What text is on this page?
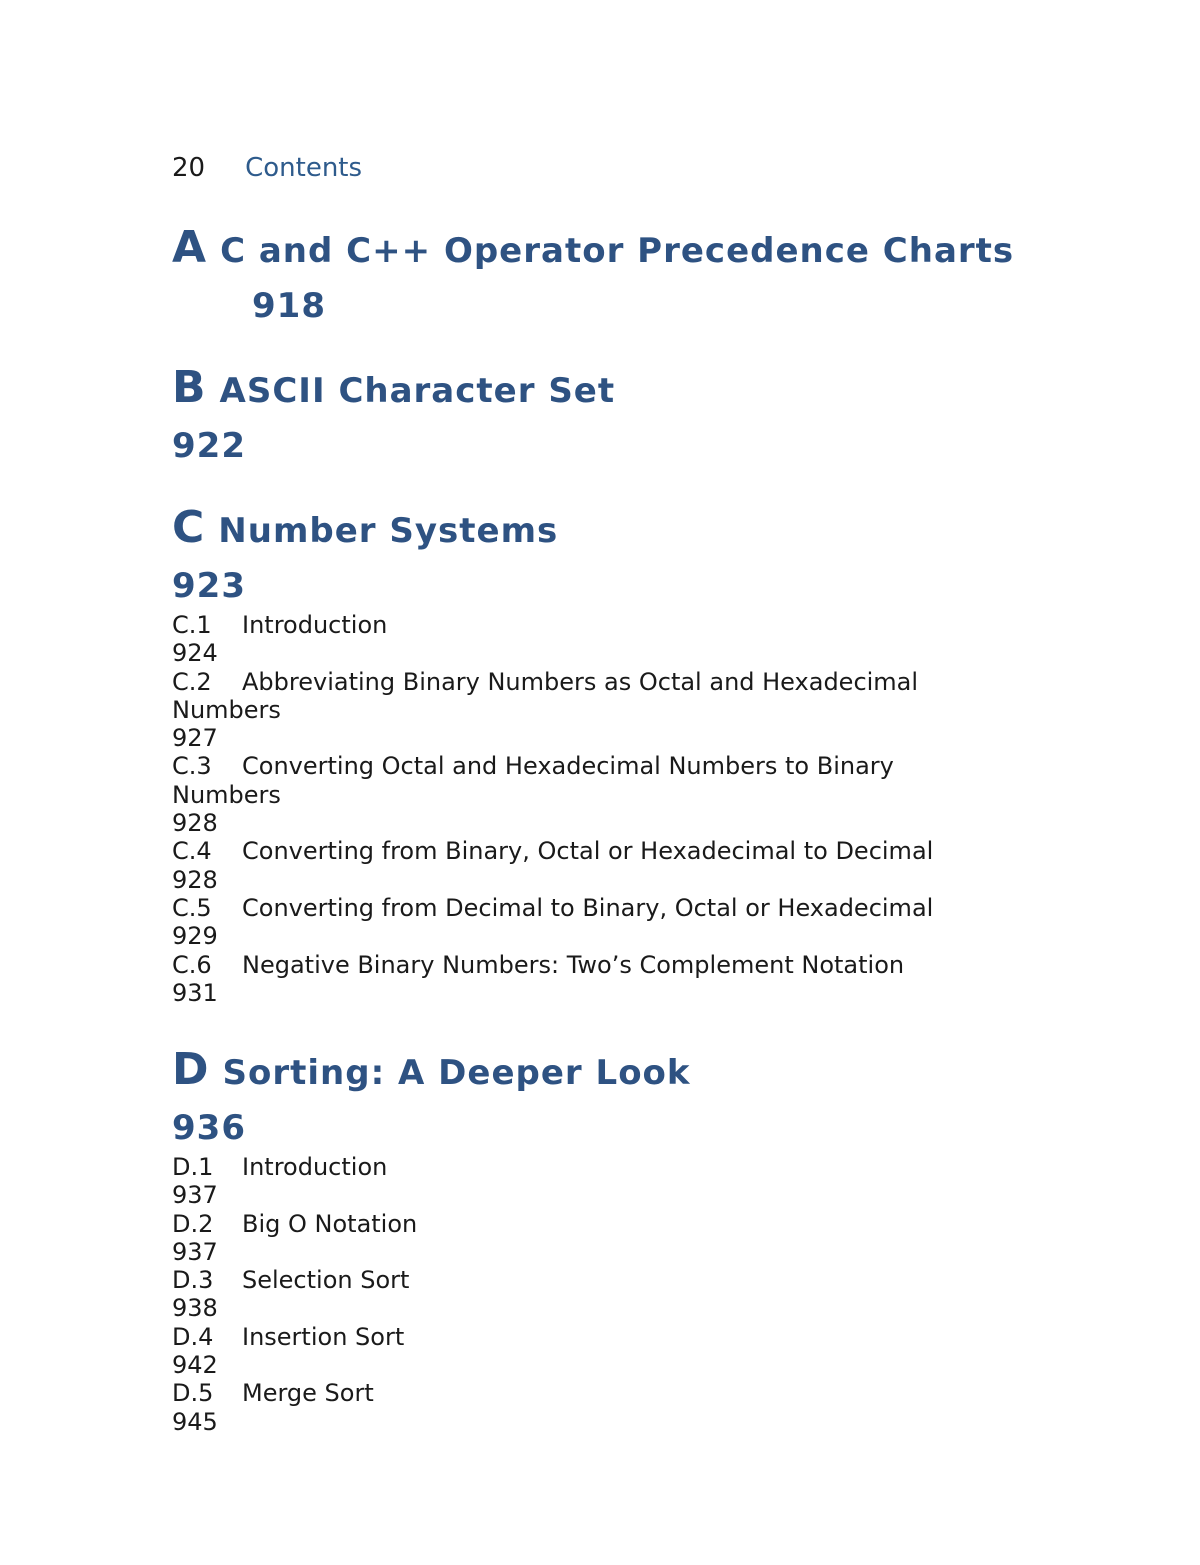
20 Contents
A C and C++ Operator Precedence Charts
918
B ASCII Character Set
922
C Number Systems
923

C.1 Introduction
924

C.2 Abbreviating Binary Numbers as Octal and Hexadecimal Numbers
927

C.3 Converting Octal and Hexadecimal Numbers to Binary Numbers
928

C.4 Converting from Binary, Octal or Hexadecimal to Decimal
928

C.5 Converting from Decimal to Binary, Octal or Hexadecimal
929

C.6 Negative Binary Numbers: Two’s Complement Notation
931

D Sorting: A Deeper Look
936

D.1 Introduction
937

D.2 Big O Notation
937

D.3 Selection Sort
938

D.4 Insertion Sort
942

D.5 Merge Sort
945
